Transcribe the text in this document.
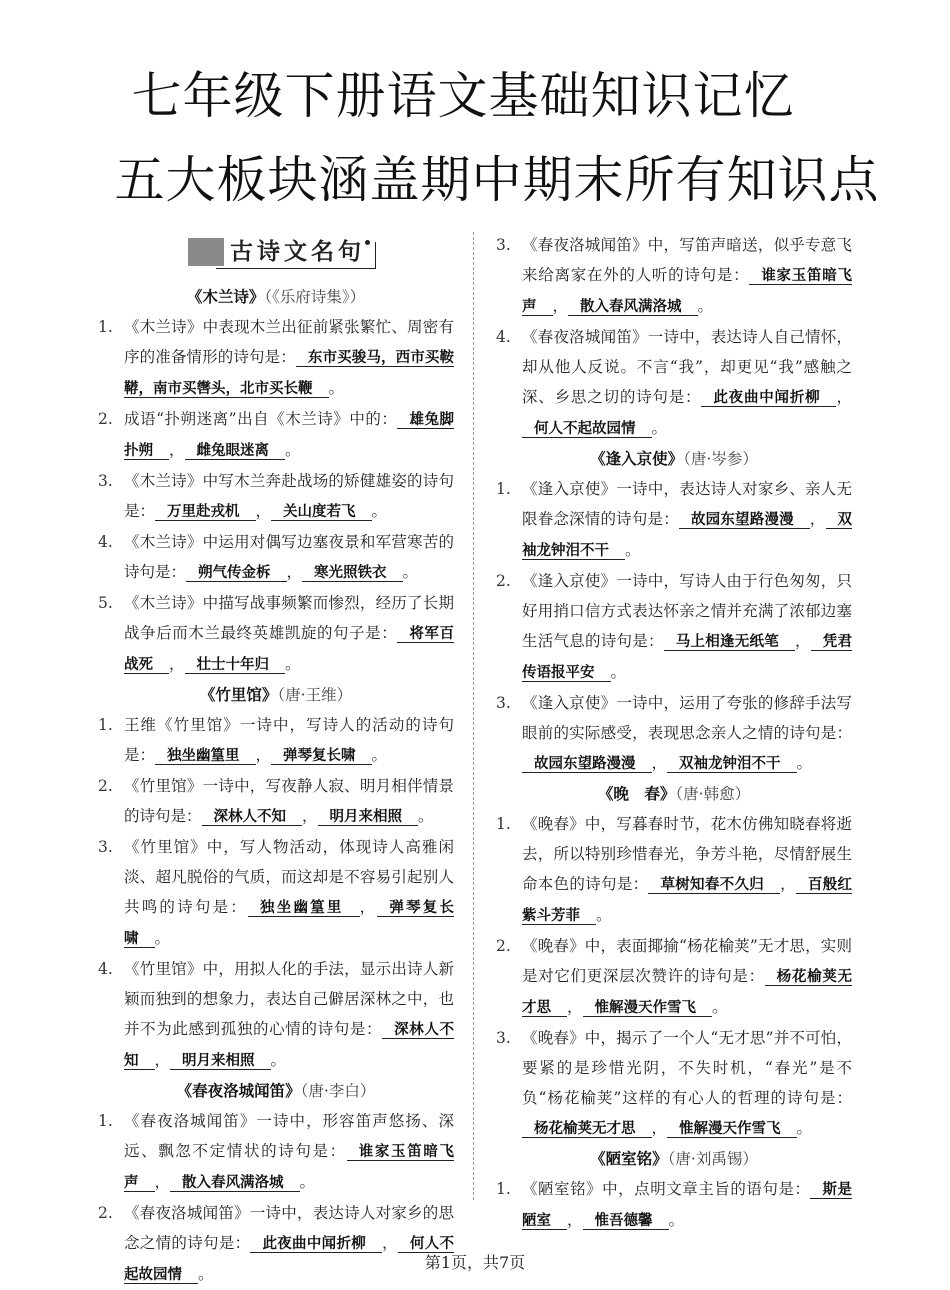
七年级下册语文基础知识记忆
五大板块涵盖期中期末所有知识点
古诗文名句
《木兰诗》（《乐府诗集》）
1. 《木兰诗》中表现木兰出征前紧张繁忙、周密有序的准备情形的诗句是： 东市买骏马，西市买鞍鞯，南市买辔头，北市买长鞭 。
2. 成语“扑朔迷离”出自《木兰诗》中的： 雄兔脚扑朔 ， 雌兔眼迷离 。
3. 《木兰诗》中写木兰奔赴战场的矫健雄姿的诗句是： 万里赴戎机 ， 关山度若飞 。
4. 《木兰诗》中运用对偶写边塞夜景和军营寒苦的诗句是： 朔气传金柝 ， 寒光照铁衣 。
5. 《木兰诗》中描写战事频繁而惨烈，经历了长期战争后而木兰最终英雄凯旋的句子是： 将军百战死 ， 壮士十年归 。
《竹里馆》（唐·王维）
1. 王维《竹里馆》一诗中，写诗人的活动的诗句是： 独坐幽篁里 ， 弹琴复长啸 。
2. 《竹里馆》一诗中，写夜静人寂、明月相伴情景的诗句是： 深林人不知 ， 明月来相照 。
3. 《竹里馆》中，写人物活动，体现诗人高雅闲淡、超凡脱俗的气质，而这却是不容易引起别人共鸣的诗句是： 独坐幽篁里 ， 弹琴复长啸 。
4. 《竹里馆》中，用拟人化的手法，显示出诗人新颖而独到的想象力，表达自己僻居深林之中，也并不为此感到孤独的心情的诗句是： 深林人不知 ， 明月来相照 。
《春夜洛城闻笛》（唐·李白）
1. 《春夜洛城闻笛》一诗中，形容笛声悠扬、深远、飘忽不定情状的诗句是： 谁家玉笛暗飞声 ， 散入春风满洛城 。
2. 《春夜洛城闻笛》一诗中，表达诗人对家乡的思念之情的诗句是： 此夜曲中闻折柳 ， 何人不起故园情 。
3. 《春夜洛城闻笛》中，写笛声暗送，似乎专意飞来给离家在外的人听的诗句是： 谁家玉笛暗飞声 ， 散入春风满洛城 。
4. 《春夜洛城闻笛》一诗中，表达诗人自己情怀，却从他人反说。不言“我”，却更见“我”感触之深、乡思之切的诗句是： 此夜曲中闻折柳 ，何人不起故园情 。
《逢入京使》（唐·岑参）
1. 《逢入京使》一诗中，表达诗人对家乡、亲人无限眷念深情的诗句是： 故园东望路漫漫 ， 双袖龙钟泪不干 。
2. 《逢入京使》一诗中，写诗人由于行色匆匆，只好用捎口信方式表达怀亲之情并充满了浓郁边塞生活气息的诗句是： 马上相逢无纸笔 ， 凭君传语报平安 。
3. 《逢入京使》一诗中，运用了夸张的修辞手法写眼前的实际感受，表现思念亲人之情的诗句是：故园东望路漫漫 ， 双袖龙钟泪不干 。
《晚　春》（唐·韩愈）
1. 《晚春》中，写暮春时节，花木仿佛知晓春将逝去，所以特别珍惜春光，争芳斗艳，尽情舒展生命本色的诗句是： 草树知春不久归 ， 百般红紫斗芳菲 。
2. 《晚春》中，表面揶揄“杨花榆荚”无才思，实则是对它们更深层次赞许的诗句是： 杨花榆荚无才思 ， 惟解漫天作雪飞 。
3. 《晚春》中，揭示了一个人“无才思”并不可怕，要紧的是珍惜光阴，不失时机，“春光”是不负“杨花榆荚”这样的有心人的哲理的诗句是：杨花榆荚无才思 ， 惟解漫天作雪飞 。
《陋室铭》（唐·刘禹锡）
1. 《陋室铭》中，点明文章主旨的语句是： 斯是陋室 ， 惟吾德馨 。
第1页，共7页
